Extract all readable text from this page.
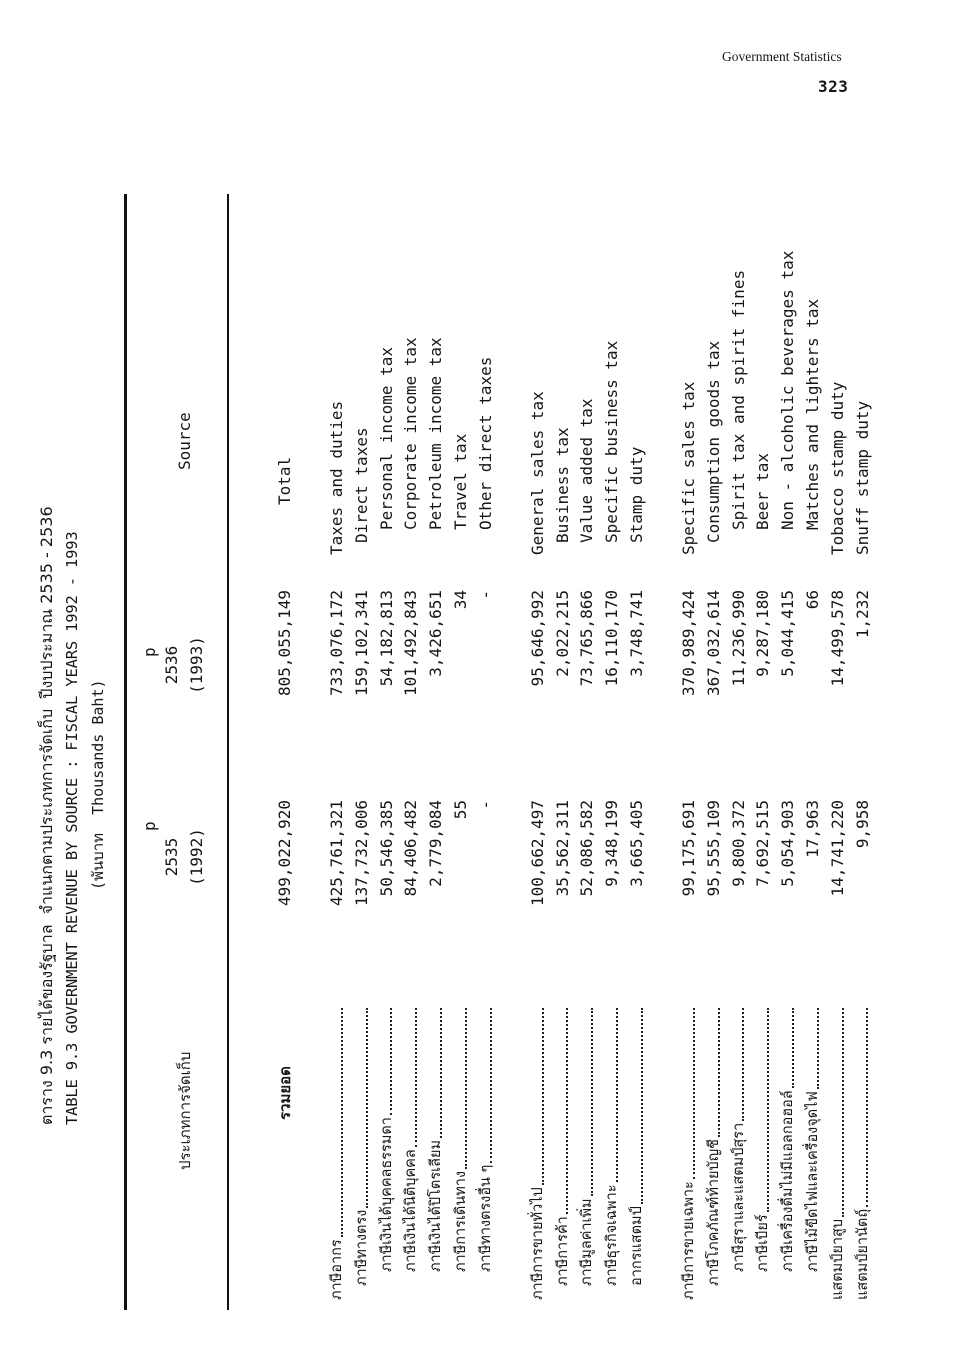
Government Statistics
323
ตาราง 9.3 รายได้ของรัฐบาล  จำแนกตามประเภทการจัดเก็บ  ปีงบประมาณ 2535 - 2536 TABLE 9.3 GOVERNMENT REVENUE BY SOURCE : FISCAL YEARS 1992 - 1993 (พันบาท  Thousands Baht)
ประเภทการจัดเก็บ
p
2535 (1992)
p 2536 (1993)
Source
รวมยอด
499,022,920
805,055,149
Total
ภาษีอากร
425,761,321
733,076,172
Taxes and duties
ภาษีทางตรง
137,732,006
159,102,341
Direct taxes
ภาษีเงินได้บุคคลธรรมดา
50,546,385
54,182,813
Personal income tax
ภาษีเงินได้นิติบุคคล
84,406,482
101,492,843
Corporate income tax
ภาษีเงินได้ปิโตรเลียม
2,779,084
3,426,651
Petroleum income tax
ภาษีการเดินทาง
55
34
Travel tax
ภาษีทางตรงอื่น ๆ
-
-
Other direct taxes
ภาษีการขายทั่วไป
100,662,497
95,646,992
General sales tax
ภาษีการค้า
35,562,311
2,022,215
Business tax
ภาษีมูลค่าเพิ่ม
52,086,582
73,765,866
Value added tax
ภาษีธุรกิจเฉพาะ
9,348,199
16,110,170
Specific business tax
อากรแสตมป์
3,665,405
3,748,741
Stamp duty
ภาษีการขายเฉพาะ
99,175,691
370,989,424
Specific sales tax
ภาษีโภคภัณฑ์ท้ายบัญชี
95,555,109
367,032,614
Consumption goods tax
ภาษีสุราและแสตมป์สุรา
9,800,372
11,236,990
Spirit tax and spirit fines
ภาษีเบียร์
7,692,515
9,287,180
Beer tax
ภาษีเครื่องดื่มไม่มีแอลกอฮอล์
5,054,903
5,044,415
Non - alcoholic beverages tax
ภาษีไม้ขีดไฟและเครื่องจุดไฟ
17,963
66
Matches and lighters tax
แสตมป์ยาสูบ
14,741,220
14,499,578
Tobacco stamp duty
แสตมป์ยานัตถุ์
9,958
1,232
Snuff stamp duty
